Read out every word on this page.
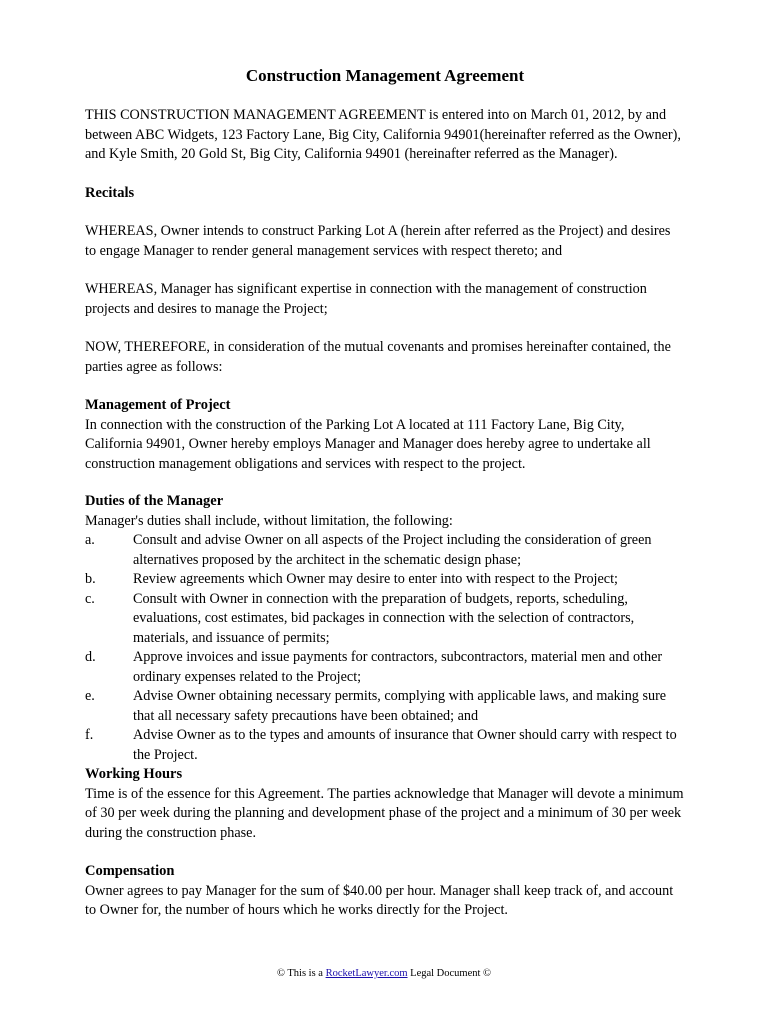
Construction Management Agreement

THIS CONSTRUCTION MANAGEMENT AGREEMENT is entered into on March 01, 2012, by and between ABC Widgets, 123 Factory Lane, Big City, California 94901(hereinafter referred as the Owner), and Kyle Smith, 20 Gold St, Big City, California 94901 (hereinafter referred as the Manager).

Recitals

WHEREAS, Owner intends to construct Parking Lot A (herein after referred as the Project) and desires to engage Manager to render general management services with respect thereto; and

WHEREAS, Manager has significant expertise in connection with the management of construction projects and desires to manage the Project;

NOW, THEREFORE, in consideration of the mutual covenants and promises hereinafter contained, the parties agree as follows:

Management of Project

In connection with the construction of the Parking Lot A located at 111 Factory Lane, Big City, California 94901, Owner hereby employs Manager and Manager does hereby agree to undertake all construction management obligations and services with respect to the project.

Duties of the Manager

Manager's duties shall include, without limitation, the following:

a.	Consult and advise Owner on all aspects of the Project including the consideration of green alternatives proposed by the architect in the schematic design phase;
b.	Review agreements which Owner may desire to enter into with respect to the Project;
c.	Consult with Owner in connection with the preparation of budgets, reports, scheduling, evaluations, cost estimates, bid packages in connection with the selection of contractors, materials, and issuance of permits;
d.	Approve invoices and issue payments for contractors, subcontractors, material men and other ordinary expenses related to the Project;
e.	Advise Owner obtaining necessary permits, complying with applicable laws, and making sure that all necessary safety precautions have been obtained; and
f.	Advise Owner as to the types and amounts of insurance that Owner should carry with respect to the Project.
Working Hours

Time is of the essence for this Agreement. The parties acknowledge that Manager will devote a minimum of 30 per week during the planning and development phase of the project and a minimum of 30 per week during the construction phase.

Compensation

Owner agrees to pay Manager for the sum of $40.00 per hour. Manager shall keep track of, and account to Owner for, the number of hours which he works directly for the Project.

© This is a RocketLawyer.com Legal Document ©
